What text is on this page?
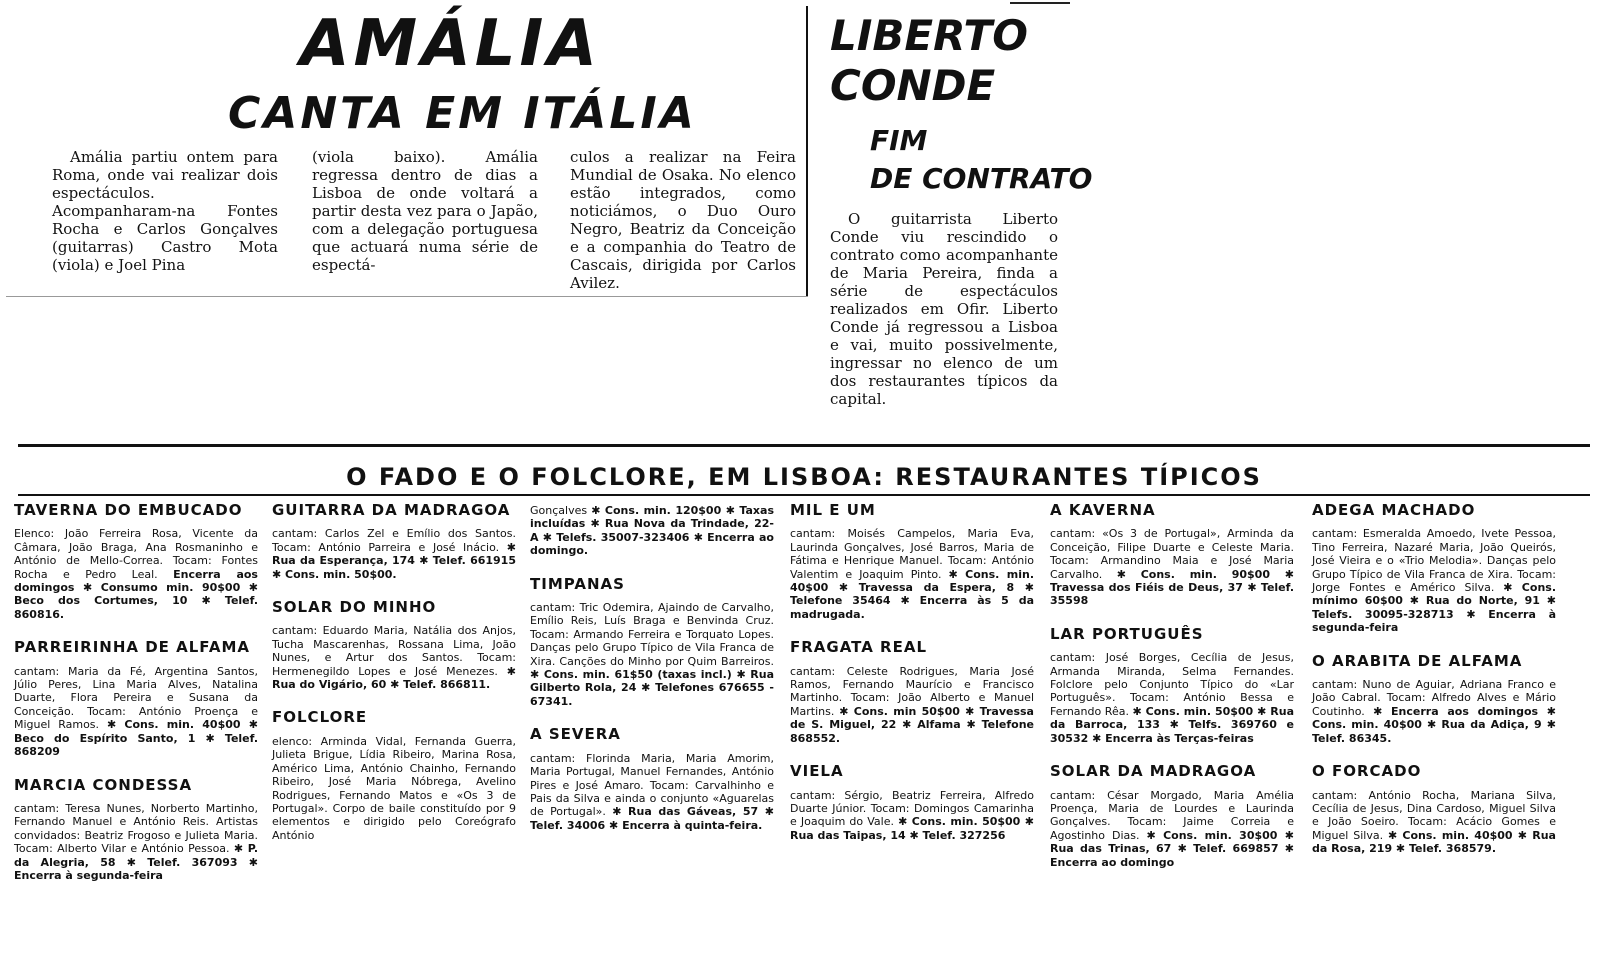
AMÁLIA
CANTA EM ITÁLIA
Amália partiu ontem para Roma, onde vai realizar dois espectáculos. Acompanharam-na Fontes Rocha e Carlos Gonçalves (guitarras) Castro Mota (viola) e Joel Pina
(viola baixo). Amália regressa dentro de dias a Lisboa de onde voltará a partir desta vez para o Japão, com a delegação portuguesa que actuará numa série de espectá-
culos a realizar na Feira Mundial de Osaka. No elenco estão integrados, como noticiámos, o Duo Ouro Negro, Beatriz da Conceição e a companhia do Teatro de Cascais, dirigida por Carlos Avilez.
LIBERTO
CONDE
FIM
DE CONTRATO
O guitarrista Liberto Conde viu rescindido o contrato como acompanhante de Maria Pereira, finda a série de espectáculos realizados em Ofir. Liberto Conde já regressou a Lisboa e vai, muito possivelmente, ingressar no elenco de um dos restaurantes típicos da capital.
O FADO E O FOLCLORE, EM LISBOA: RESTAURANTES TÍPICOS
TAVERNA DO EMBUCADO
Elenco: João Ferreira Rosa, Vicente da Câmara, João Braga, Ana Rosmaninho e António de Mello-Correa. Tocam: Fontes Rocha e Pedro Leal. Encerra aos domingos ✱ Consumo min. 90$00 ✱ Beco dos Cortumes, 10 ✱ Telef. 860816.
PARREIRINHA DE ALFAMA
cantam: Maria da Fé, Argentina Santos, Júlio Peres, Lina Maria Alves, Natalina Duarte, Flora Pereira e Susana da Conceição. Tocam: António Proença e Miguel Ramos. ✱ Cons. min. 40$00 ✱ Beco do Espírito Santo, 1 ✱ Telef. 868209
MARCIA CONDESSA
cantam: Teresa Nunes, Norberto Martinho, Fernando Manuel e António Reis. Artistas convidados: Beatriz Frogoso e Julieta Maria. Tocam: Alberto Vilar e António Pessoa. ✱ P. da Alegria, 58 ✱ Telef. 367093 ✱ Encerra à segunda-feira
GUITARRA DA MADRAGOA
cantam: Carlos Zel e Emílio dos Santos. Tocam: António Parreira e José Inácio. ✱ Rua da Esperança, 174 ✱ Telef. 661915 ✱ Cons. min. 50$00.
SOLAR DO MINHO
cantam: Eduardo Maria, Natália dos Anjos, Tucha Mascarenhas, Rossana Lima, João Nunes, e Artur dos Santos. Tocam: Hermenegildo Lopes e José Menezes. ✱ Rua do Vigário, 60 ✱ Telef. 866811.
FOLCLORE
elenco: Arminda Vidal, Fernanda Guerra, Julieta Brigue, Lídia Ribeiro, Marina Rosa, Américo Lima, António Chainho, Fernando Ribeiro, José Maria Nóbrega, Avelino Rodrigues, Fernando Matos e «Os 3 de Portugal». Corpo de baile constituído por 9 elementos e dirigido pelo Coreógrafo António
Gonçalves ✱ Cons. min. 120$00 ✱ Taxas incluídas ✱ Rua Nova da Trindade, 22-A ✱ Telefs. 35007-323406 ✱ Encerra ao domingo.
TIMPANAS
cantam: Tric Odemira, Ajaindo de Carvalho, Emílio Reis, Luís Braga e Benvinda Cruz. Tocam: Armando Ferreira e Torquato Lopes. Danças pelo Grupo Típico de Vila Franca de Xira. Canções do Minho por Quim Barreiros. ✱ Cons. min. 61$50 (taxas incl.) ✱ Rua Gilberto Rola, 24 ✱ Telefones 676655 - 67341.
A SEVERA
cantam: Florinda Maria, Maria Amorim, Maria Portugal, Manuel Fernandes, António Pires e José Amaro. Tocam: Carvalhinho e Pais da Silva e ainda o conjunto «Aguarelas de Portugal». ✱ Rua das Gáveas, 57 ✱ Telef. 34006 ✱ Encerra à quinta-feira.
MIL E UM
cantam: Moisés Campelos, Maria Eva, Laurinda Gonçalves, José Barros, Maria de Fátima e Henrique Manuel. Tocam: António Valentim e Joaquim Pinto. ✱ Cons. min. 40$00 ✱ Travessa da Espera, 8 ✱ Telefone 35464 ✱ Encerra às 5 da madrugada.
FRAGATA REAL
cantam: Celeste Rodrigues, Maria José Ramos, Fernando Maurício e Francisco Martinho. Tocam: João Alberto e Manuel Martins. ✱ Cons. min 50$00 ✱ Travessa de S. Miguel, 22 ✱ Alfama ✱ Telefone 868552.
VIELA
cantam: Sérgio, Beatriz Ferreira, Alfredo Duarte Júnior. Tocam: Domingos Camarinha e Joaquim do Vale. ✱ Cons. min. 50$00 ✱ Rua das Taipas, 14 ✱ Telef. 327256
A KAVERNA
cantam: «Os 3 de Portugal», Arminda da Conceição, Filipe Duarte e Celeste Maria. Tocam: Armandino Maia e José Maria Carvalho. ✱ Cons. min. 90$00 ✱ Travessa dos Fiéis de Deus, 37 ✱ Telef. 35598
LAR PORTUGUÊS
cantam: José Borges, Cecília de Jesus, Armanda Miranda, Selma Fernandes. Folclore pelo Conjunto Típico do «Lar Português». Tocam: António Bessa e Fernando Rêa. ✱ Cons. min. 50$00 ✱ Rua da Barroca, 133 ✱ Telfs. 369760 e 30532 ✱ Encerra às Terças-feiras
SOLAR DA MADRAGOA
cantam: César Morgado, Maria Amélia Proença, Maria de Lourdes e Laurinda Gonçalves. Tocam: Jaime Correia e Agostinho Dias. ✱ Cons. min. 30$00 ✱ Rua das Trinas, 67 ✱ Telef. 669857 ✱ Encerra ao domingo
ADEGA MACHADO
cantam: Esmeralda Amoedo, Ivete Pessoa, Tino Ferreira, Nazaré Maria, João Queirós, José Vieira e o «Trio Melodia». Danças pelo Grupo Típico de Vila Franca de Xira. Tocam: Jorge Fontes e Américo Silva. ✱ Cons. mínimo 60$00 ✱ Rua do Norte, 91 ✱ Telefs. 30095-328713 ✱ Encerra à segunda-feira
O ARABITA DE ALFAMA
cantam: Nuno de Aguiar, Adriana Franco e João Cabral. Tocam: Alfredo Alves e Mário Coutinho. ✱ Encerra aos domingos ✱ Cons. min. 40$00 ✱ Rua da Adiça, 9 ✱ Telef. 86345.
O FORCADO
cantam: António Rocha, Mariana Silva, Cecília de Jesus, Dina Cardoso, Miguel Silva e João Soeiro. Tocam: Acácio Gomes e Miguel Silva. ✱ Cons. min. 40$00 ✱ Rua da Rosa, 219 ✱ Telef. 368579.
